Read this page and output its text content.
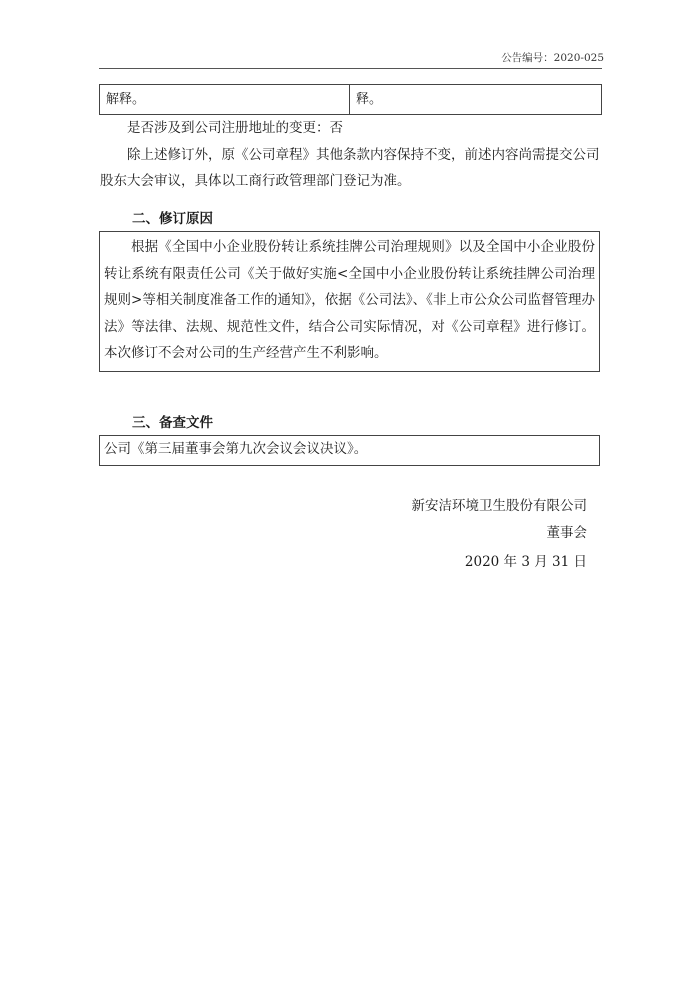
公告编号：2020-025
解释。	释。

是否涉及到公司注册地址的变更：否

除上述修订外，原《公司章程》其他条款内容保持不变，前述内容尚需提交公司股东大会审议，具体以工商行政管理部门登记为准。

二、修订原因

根据《全国中小企业股份转让系统挂牌公司治理规则》以及全国中小企业股份转让系统有限责任公司《关于做好实施<全国中小企业股份转让系统挂牌公司治理规则>等相关制度准备工作的通知》，依据《公司法》、《非上市公众公司监督管理办法》等法律、法规、规范性文件，结合公司实际情况，对《公司章程》进行修订。本次修订不会对公司的生产经营产生不利影响。

三、备查文件

公司《第三届董事会第九次会议会议决议》。

新安洁环境卫生股份有限公司
董事会
2020 年 3 月 31 日
